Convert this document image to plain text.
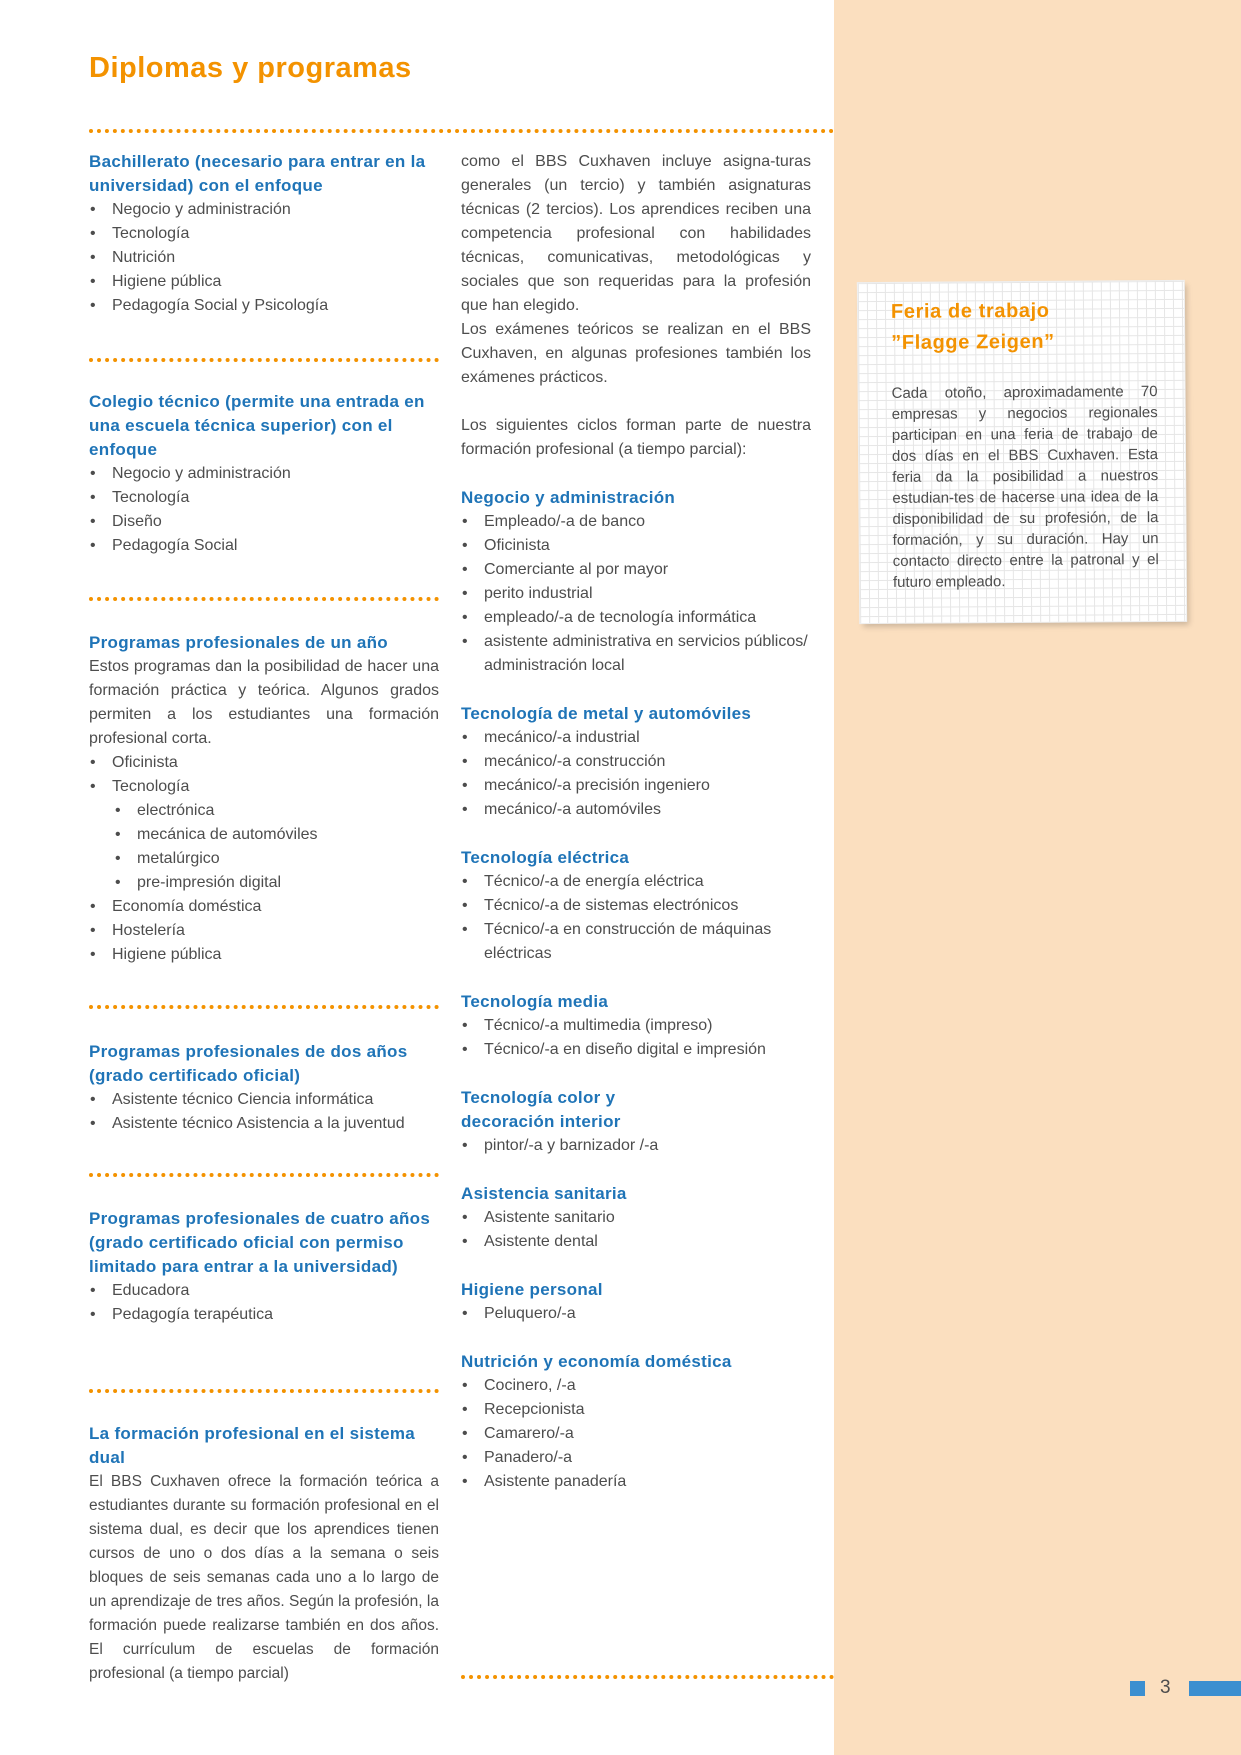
Diplomas y programas
Bachillerato (necesario para entrar en la universidad) con el enfoque
• Negocio y administración
• Tecnología
• Nutrición
• Higiene pública
• Pedagogía Social y Psicología
Colegio técnico (permite una entrada en una escuela técnica superior) con el enfoque
• Negocio y administración
• Tecnología
• Diseño
• Pedagogía Social
Programas profesionales de un año

Estos programas dan la posibilidad de hacer una formación práctica y teórica. Algunos grados permiten a los estudiantes una formación profesional corta.

• Oficinista
• Tecnología
• electrónica
• mecánica de automóviles
• metalúrgico
• pre-impresión digital
• Economía doméstica
• Hostelería
• Higiene pública
Programas profesionales de dos años (grado certificado oficial)
• Asistente técnico Ciencia informática
• Asistente técnico Asistencia a la juventud
Programas profesionales de cuatro años (grado certificado oficial con permiso limitado para entrar a la universidad)
• Educadora
• Pedagogía terapéutica
La formación profesional en el sistema dual

El BBS Cuxhaven ofrece la formación teórica a estudiantes durante su formación profesional en el sistema dual, es decir que los aprendices tienen cursos de uno o dos días a la semana o seis bloques de seis semanas cada uno a lo largo de un aprendizaje de tres años. Según la profesión, la formación puede realizarse también en dos años. El currículum de escuelas de formación profesional (a tiempo parcial)

como el BBS Cuxhaven incluye asigna-turas generales (un tercio) y también asignaturas técnicas (2 tercios). Los aprendices reciben una competencia profesional con habilidades técnicas, comunicativas, metodológicas y sociales que son requeridas para la profesión que han elegido.

Los exámenes teóricos se realizan en el BBS Cuxhaven, en algunas profesiones también los exámenes prácticos.

Los siguientes ciclos forman parte de nuestra formación profesional (a tiempo parcial):

Negocio y administración
• Empleado/-a de banco
• Oficinista
• Comerciante al por mayor
• perito industrial
• empleado/-a de tecnología informática
• asistente administrativa en servicios públicos/ administración local
Tecnología de metal y automóviles
• mecánico/-a industrial
• mecánico/-a construcción
• mecánico/-a precisión ingeniero
• mecánico/-a automóviles
Tecnología eléctrica
• Técnico/-a de energía eléctrica
• Técnico/-a de sistemas electrónicos
• Técnico/-a en construcción de máquinas eléctricas
Tecnología media
• Técnico/-a multimedia (impreso)
• Técnico/-a en diseño digital e impresión
Tecnología color y decoración interior
• pintor/-a y barnizador /-a
Asistencia sanitaria
• Asistente sanitario
• Asistente dental
Higiene personal
• Peluquero/-a
Nutrición y economía doméstica
• Cocinero, /-a
• Recepcionista
• Camarero/-a
• Panadero/-a
• Asistente panadería
Feria de trabajo
”Flagge Zeigen”

Cada otoño, aproximadamente 70 empresas y negocios regionales participan en una feria de trabajo de dos días en el BBS Cuxhaven. Esta feria da la posibilidad a nuestros estudian-tes de hacerse una idea de la disponibilidad de su profesión, de la formación, y su duración. Hay un contacto directo entre la patronal y el futuro empleado.

3
